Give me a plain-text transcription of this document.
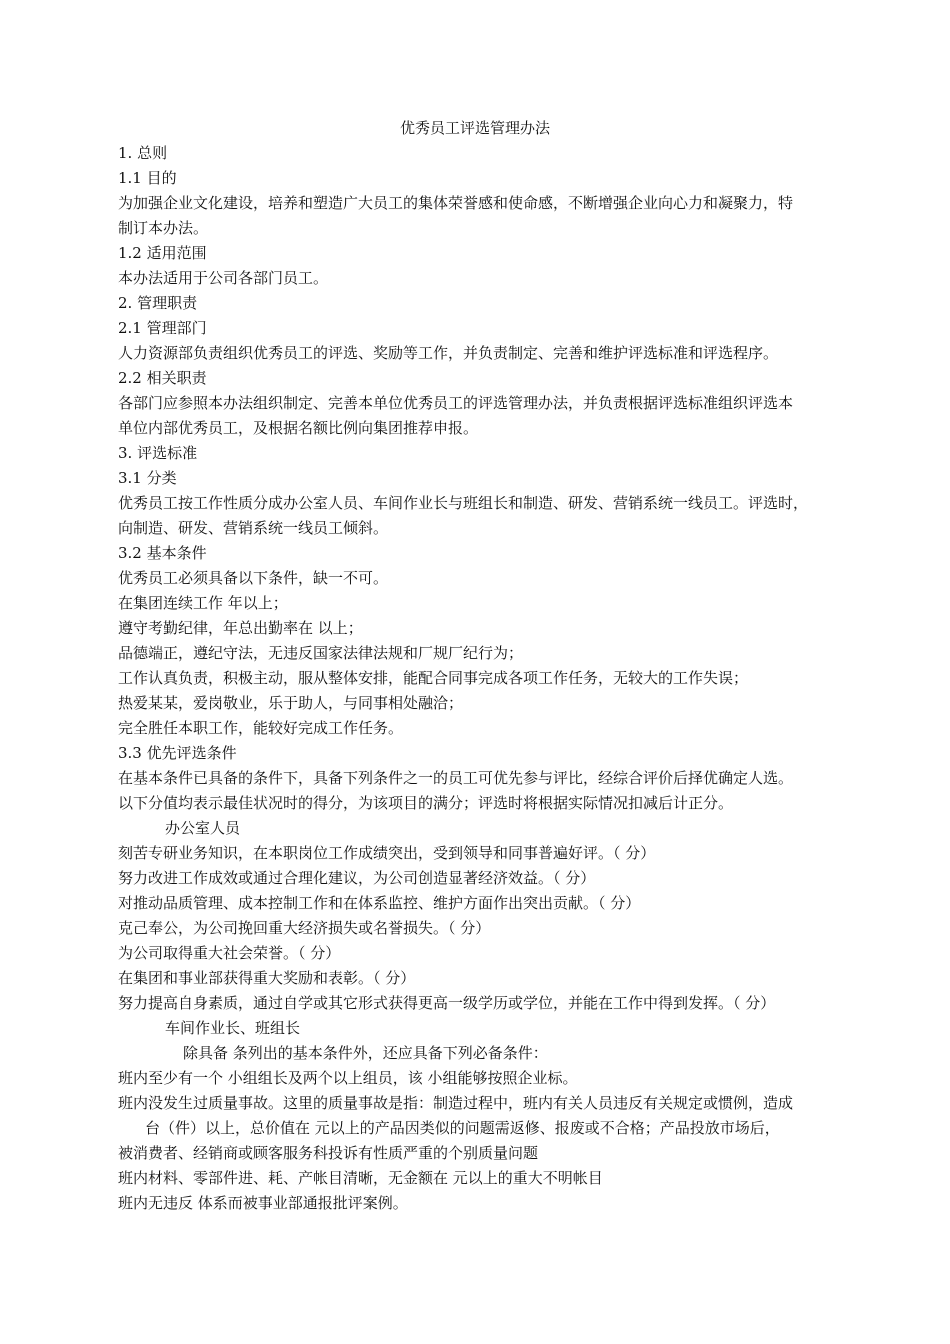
优秀员工评选管理办法
1. 总则
1.1 目的
为加强企业文化建设，培养和塑造广大员工的集体荣誉感和使命感，不断增强企业向心力和凝聚力，特
制订本办法。
1.2 适用范围
本办法适用于公司各部门员工。
2. 管理职责
2.1 管理部门
人力资源部负责组织优秀员工的评选、奖励等工作，并负责制定、完善和维护评选标准和评选程序。
2.2 相关职责
各部门应参照本办法组织制定、完善本单位优秀员工的评选管理办法，并负责根据评选标准组织评选本
单位内部优秀员工，及根据名额比例向集团推荐申报。
3. 评选标准
3.1 分类
优秀员工按工作性质分成办公室人员、车间作业长与班组长和制造、研发、营销系统一线员工。评选时，
向制造、研发、营销系统一线员工倾斜。
3.2 基本条件
优秀员工必须具备以下条件，缺一不可。
在集团连续工作 年以上；
遵守考勤纪律，年总出勤率在 以上；
品德端正，遵纪守法，无违反国家法律法规和厂规厂纪行为；
工作认真负责，积极主动，服从整体安排，能配合同事完成各项工作任务，无较大的工作失误；
热爱某某，爱岗敬业，乐于助人，与同事相处融洽；
完全胜任本职工作，能较好完成工作任务。
3.3 优先评选条件
在基本条件已具备的条件下，具备下列条件之一的员工可优先参与评比，经综合评价后择优确定人选。
以下分值均表示最佳状况时的得分，为该项目的满分；评选时将根据实际情况扣减后计正分。
办公室人员
刻苦专研业务知识，在本职岗位工作成绩突出，受到领导和同事普遍好评。（ 分）
努力改进工作成效或通过合理化建议，为公司创造显著经济效益。（ 分）
对推动品质管理、成本控制工作和在体系监控、维护方面作出突出贡献。（ 分）
克己奉公，为公司挽回重大经济损失或名誉损失。（ 分）
为公司取得重大社会荣誉。（ 分）
在集团和事业部获得重大奖励和表彰。（ 分）
努力提高自身素质，通过自学或其它形式获得更高一级学历或学位，并能在工作中得到发挥。（ 分）
车间作业长、班组长
除具备 条列出的基本条件外，还应具备下列必备条件：
班内至少有一个 小组组长及两个以上组员，该 小组能够按照企业标。
班内没发生过质量事故。这里的质量事故是指：制造过程中，班内有关人员违反有关规定或惯例，造成
台（件）以上，总价值在 元以上的产品因类似的问题需返修、报废或不合格；产品投放市场后，
被消费者、经销商或顾客服务科投诉有性质严重的个别质量问题
班内材料、零部件进、耗、产帐目清晰，无金额在 元以上的重大不明帐目
班内无违反 体系而被事业部通报批评案例。
